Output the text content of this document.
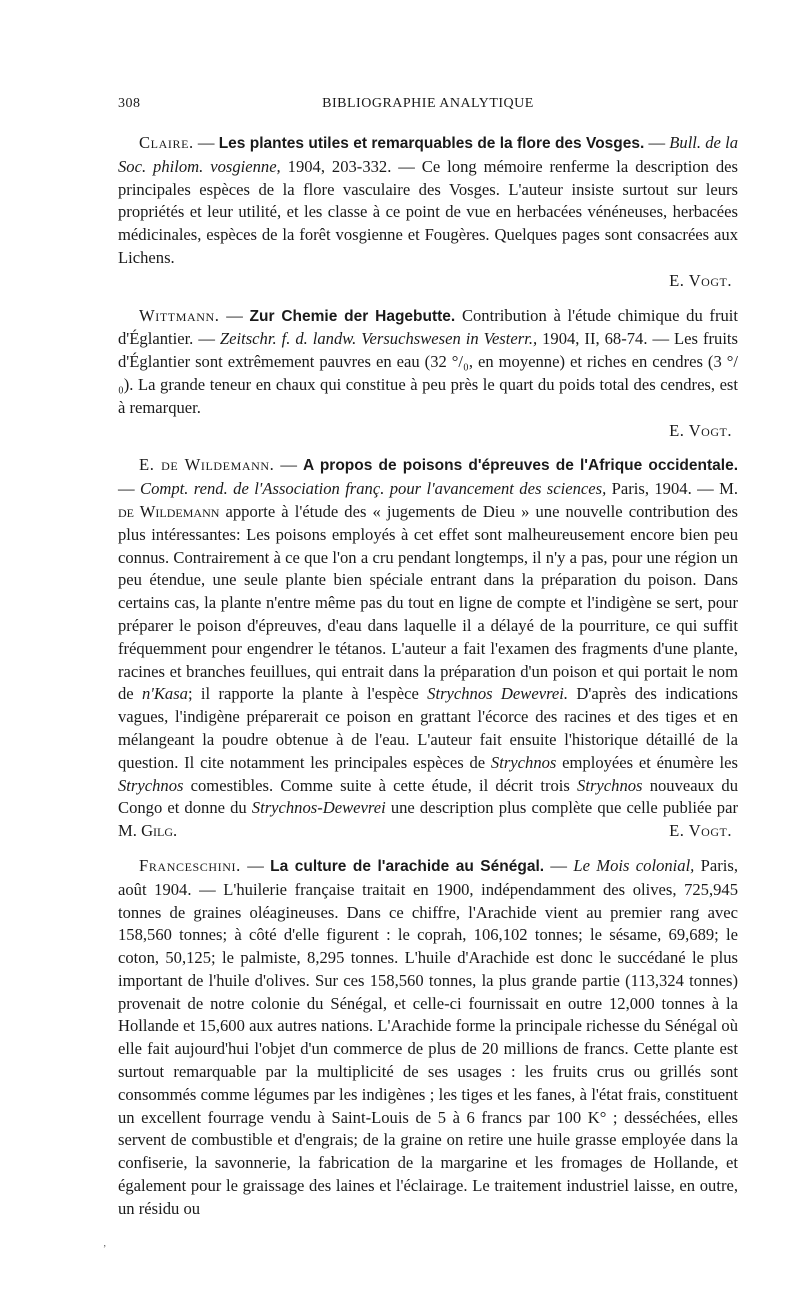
308	BIBLIOGRAPHIE ANALYTIQUE

Claire. — Les plantes utiles et remarquables de la flore des Vosges. — Bull. de la Soc. philom. vosgienne, 1904, 203-332. — Ce long mémoire renferme la description des principales espèces de la flore vasculaire des Vosges. L'auteur insiste surtout sur leurs propriétés et leur utilité, et les classe à ce point de vue en herbacées vénéneuses, herbacées médicinales, espèces de la forêt vosgienne et Fougères. Quelques pages sont consacrées aux Lichens.

E. Vogt.

Wittmann. — Zur Chemie der Hagebutte. Contribution à l'étude chimique du fruit d'Églantier. — Zeitschr. f. d. landw. Versuchswesen in Vesterr., 1904, II, 68-74. — Les fruits d'Églantier sont extrêmement pauvres en eau (32 °/₀, en moyenne) et riches en cendres (3 °/₀). La grande teneur en chaux qui constitue à peu près le quart du poids total des cendres, est à remarquer.

E. Vogt.

E. de Wildemann. — A propos de poisons d'épreuves de l'Afrique occidentale. — Compt. rend. de l'Association franç. pour l'avancement des sciences, Paris, 1904. — M. de Wildemann apporte à l'étude des « jugements de Dieu » une nouvelle contribution des plus intéressantes: Les poisons employés à cet effet sont malheureusement encore bien peu connus. Contrairement à ce que l'on a cru pendant longtemps, il n'y a pas, pour une région un peu étendue, une seule plante bien spéciale entrant dans la préparation du poison. Dans certains cas, la plante n'entre même pas du tout en ligne de compte et l'indigène se sert, pour préparer le poison d'épreuves, d'eau dans laquelle il a délayé de la pourriture, ce qui suffit fréquemment pour engendrer le tétanos. L'auteur a fait l'examen des fragments d'une plante, racines et branches feuillues, qui entrait dans la préparation d'un poison et qui portait le nom de n'Kasa; il rapporte la plante à l'espèce Strychnos Dewevrei. D'après des indications vagues, l'indigène préparerait ce poison en grattant l'écorce des racines et des tiges et en mélangeant la poudre obtenue à de l'eau. L'auteur fait ensuite l'historique détaillé de la question. Il cite notamment les principales espèces de Strychnos employées et énumère les Strychnos comestibles. Comme suite à cette étude, il décrit trois Strychnos nouveaux du Congo et donne du Strychnos-Dewevrei une description plus complète que celle publiée par M. Gilg.	E. Vogt.

Franceschini. — La culture de l'arachide au Sénégal. — Le Mois colonial, Paris, août 1904. — L'huilerie française traitait en 1900, indépendamment des olives, 725,945 tonnes de graines oléagineuses. Dans ce chiffre, l'Arachide vient au premier rang avec 158,560 tonnes; à côté d'elle figurent : le coprah, 106,102 tonnes; le sésame, 69,689; le coton, 50,125; le palmiste, 8,295 tonnes. L'huile d'Arachide est donc le succédané le plus important de l'huile d'olives. Sur ces 158,560 tonnes, la plus grande partie (113,324 tonnes) provenait de notre colonie du Sénégal, et celle-ci fournissait en outre 12,000 tonnes à la Hollande et 15,600 aux autres nations. L'Arachide forme la principale richesse du Sénégal où elle fait aujourd'hui l'objet d'un commerce de plus de 20 millions de francs. Cette plante est surtout remarquable par la multiplicité de ses usages : les fruits crus ou grillés sont consommés comme légumes par les indigènes ; les tiges et les fanes, à l'état frais, constituent un excellent fourrage vendu à Saint-Louis de 5 à 6 francs par 100 K° ; desséchées, elles servent de combustible et d'engrais; de la graine on retire une huile grasse employée dans la confiserie, la savonnerie, la fabrication de la margarine et les fromages de Hollande, et également pour le graissage des laines et l'éclairage. Le traitement industriel laisse, en outre, un résidu ou

‚
